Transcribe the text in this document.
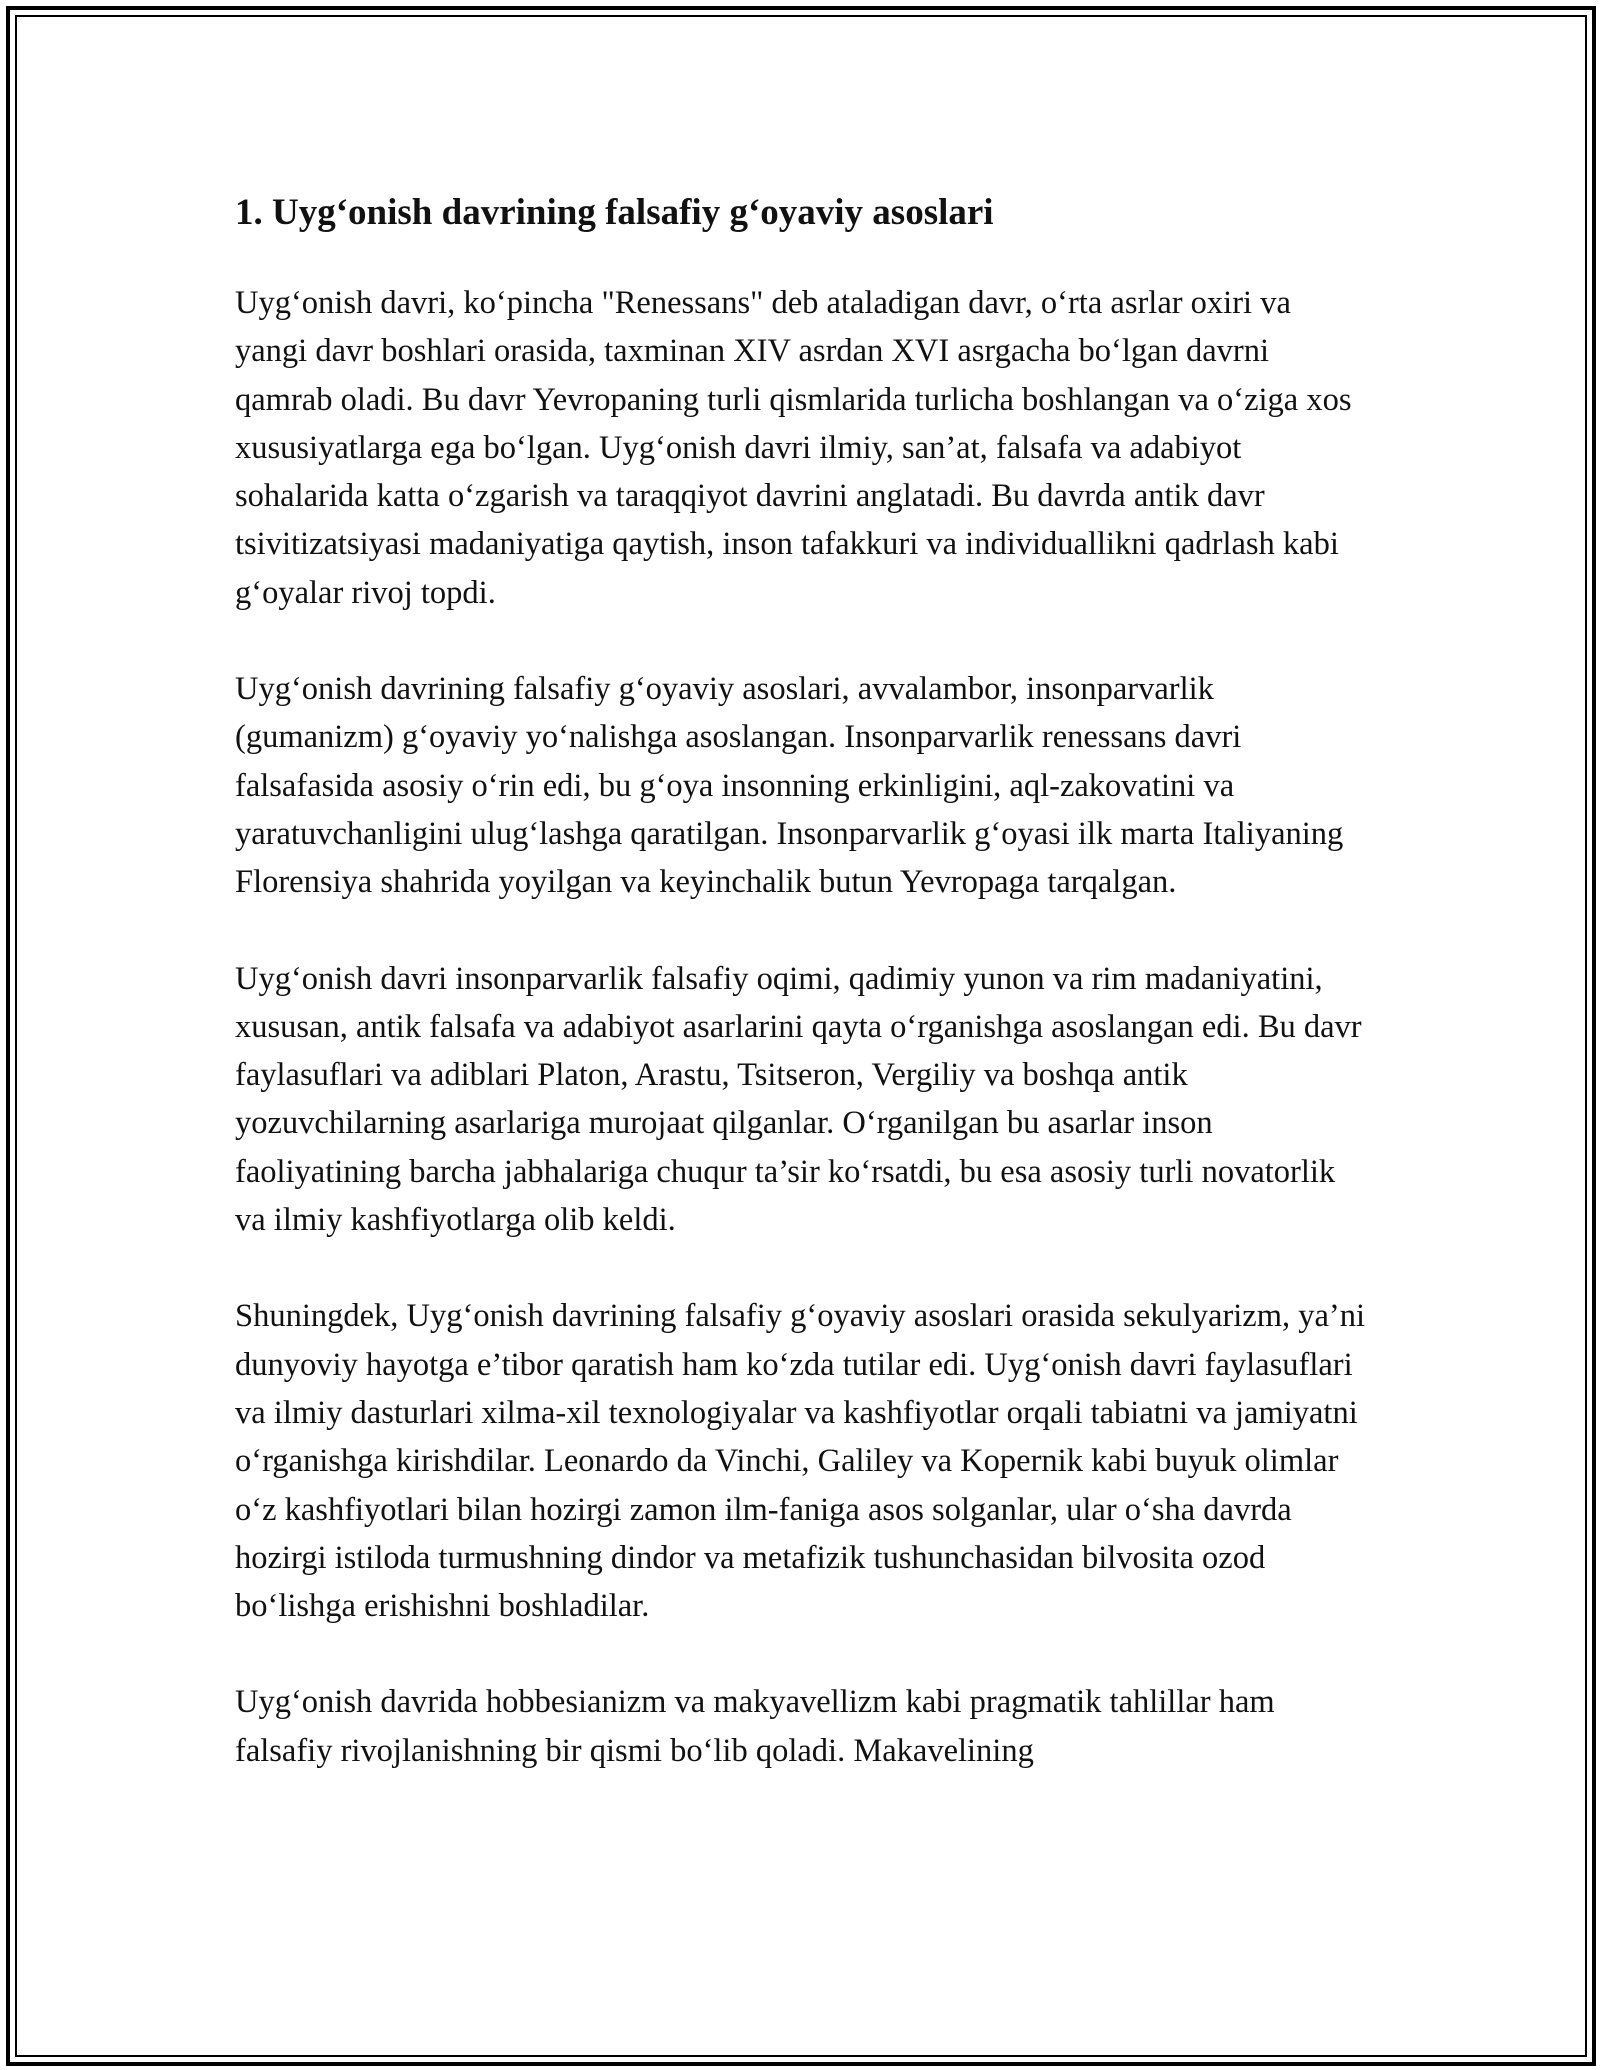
1. Uyg‘onish davrining falsafiy g‘oyaviy asoslari

Uyg‘onish davri, ko‘pincha "Renessans" deb ataladigan davr, o‘rta asrlar oxiri va yangi davr boshlari orasida, taxminan XIV asrdan XVI asrgacha bo‘lgan davrni qamrab oladi. Bu davr Yevropaning turli qismlarida turlicha boshlangan va o‘ziga xos xususiyatlarga ega bo‘lgan. Uyg‘onish davri ilmiy, san’at, falsafa va adabiyot sohalarida katta o‘zgarish va taraqqiyot davrini anglatadi. Bu davrda antik davr tsivitizatsiyasi madaniyatiga qaytish, inson tafakkuri va individuallikni qadrlash kabi g‘oyalar rivoj topdi.

Uyg‘onish davrining falsafiy g‘oyaviy asoslari, avvalambor, insonparvarlik (gumanizm) g‘oyaviy yo‘nalishga asoslangan. Insonparvarlik renessans davri falsafasida asosiy o‘rin edi, bu g‘oya insonning erkinligini, aql-zakovatini va yaratuvchanligini ulug‘lashga qaratilgan. Insonparvarlik g‘oyasi ilk marta Italiyaning Florensiya shahrida yoyilgan va keyinchalik butun Yevropaga tarqalgan.

Uyg‘onish davri insonparvarlik falsafiy oqimi, qadimiy yunon va rim madaniyatini, xususan, antik falsafa va adabiyot asarlarini qayta o‘rganishga asoslangan edi. Bu davr faylasuflari va adiblari Platon, Arastu, Tsitseron, Vergiliy va boshqa antik yozuvchilarning asarlariga murojaat qilganlar. O‘rganilgan bu asarlar inson faoliyatining barcha jabhalariga chuqur ta’sir ko‘rsatdi, bu esa asosiy turli novatorlik va ilmiy kashfiyotlarga olib keldi.

Shuningdek, Uyg‘onish davrining falsafiy g‘oyaviy asoslari orasida sekulyarizm, ya’ni dunyoviy hayotga e’tibor qaratish ham ko‘zda tutilar edi. Uyg‘onish davri faylasuflari va ilmiy dasturlari xilma-xil texnologiyalar va kashfiyotlar orqali tabiatni va jamiyatni o‘rganishga kirishdilar. Leonardo da Vinchi, Galiley va Kopernik kabi buyuk olimlar o‘z kashfiyotlari bilan hozirgi zamon ilm-faniga asos solganlar, ular o‘sha davrda hozirgi istiloda turmushning dindor va metafizik tushunchasidan bilvosita ozod bo‘lishga erishishni boshladilar.

Uyg‘onish davrida hobbesianizm va makyavellizm kabi pragmatik tahlillar ham falsafiy rivojlanishning bir qismi bo‘lib qoladi. Makavelining
